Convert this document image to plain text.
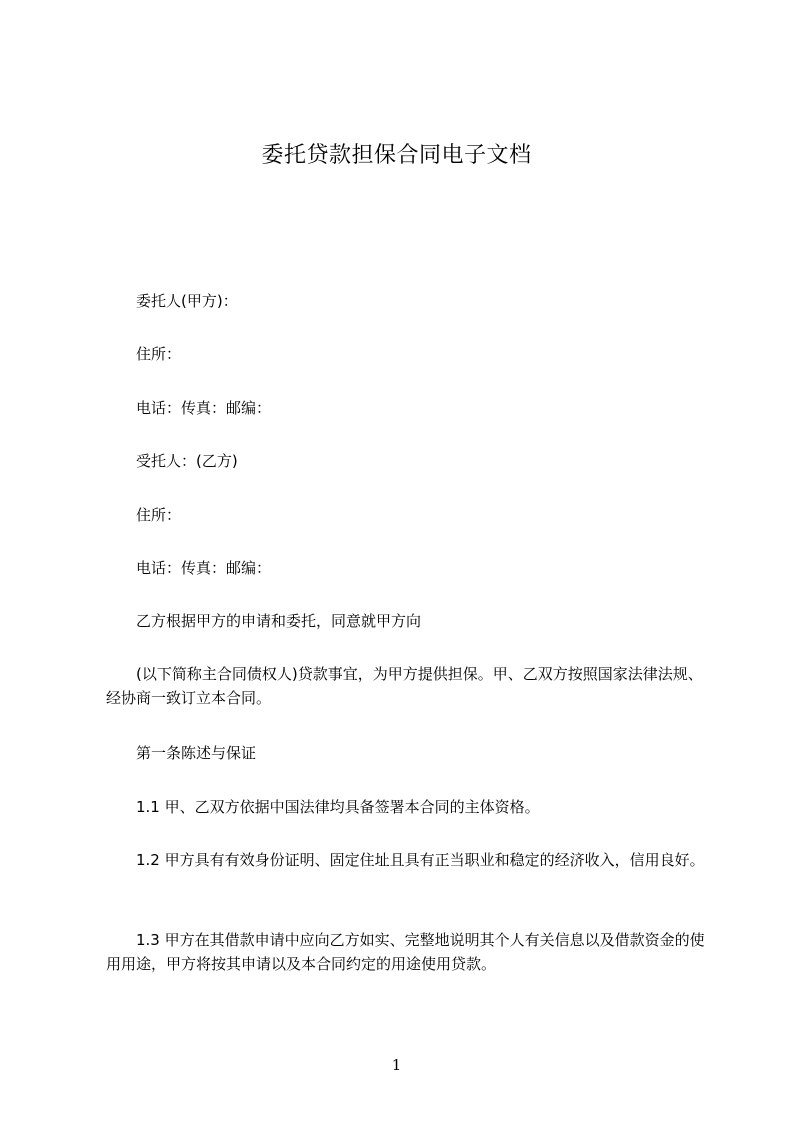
委托贷款担保合同电子文档
委托人(甲方)：
住所：
电话：传真：邮编：
受托人：(乙方)
住所：
电话：传真：邮编：
乙方根据甲方的申请和委托，同意就甲方向
(以下简称主合同债权人)贷款事宜，为甲方提供担保。甲、乙双方按照国家法律法规、经协商一致订立本合同。
第一条陈述与保证
1.1 甲、乙双方依据中国法律均具备签署本合同的主体资格。
1.2 甲方具有有效身份证明、固定住址且具有正当职业和稳定的经济收入，信用良好。
1.3 甲方在其借款申请中应向乙方如实、完整地说明其个人有关信息以及借款资金的使用用途，甲方将按其申请以及本合同约定的用途使用贷款。
1
